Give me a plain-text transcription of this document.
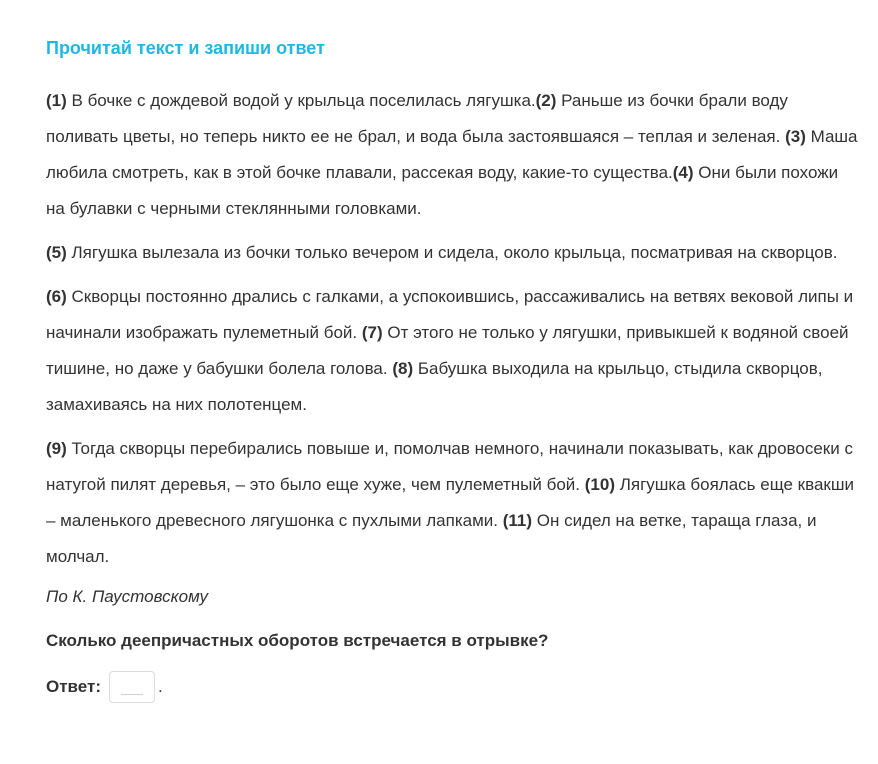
Прочитай текст и запиши ответ

(1) В бочке с дождевой водой у крыльца поселилась лягушка.(2) Раньше из бочки брали воду поливать цветы, но теперь никто ее не брал, и вода была застоявшаяся – теплая и зеленая. (3) Маша любила смотреть, как в этой бочке плавали, рассекая воду, какие-то существа.(4) Они были похожи на булавки с черными стеклянными головками.

(5) Лягушка вылезала из бочки только вечером и сидела, около крыльца, посматривая на скворцов.

(6) Скворцы постоянно дрались с галками, а успокоившись, рассаживались на ветвях вековой липы и начинали изображать пулеметный бой. (7) От этого не только у лягушки, привыкшей к водяной своей тишине, но даже у бабушки болела голова. (8) Бабушка выходила на крыльцо, стыдила скворцов, замахиваясь на них полотенцем.

(9) Тогда скворцы перебирались повыше и, помолчав немного, начинали показывать, как дровосеки с натугой пилят деревья, – это было еще хуже, чем пулеметный бой. (10) Лягушка боялась еще квакши – маленького древесного лягушонка с пухлыми лапками. (11) Он сидел на ветке, тараща глаза, и молчал.

По К. Паустовскому
Сколько деепричастных оборотов встречается в отрывке?
Ответ:	.
